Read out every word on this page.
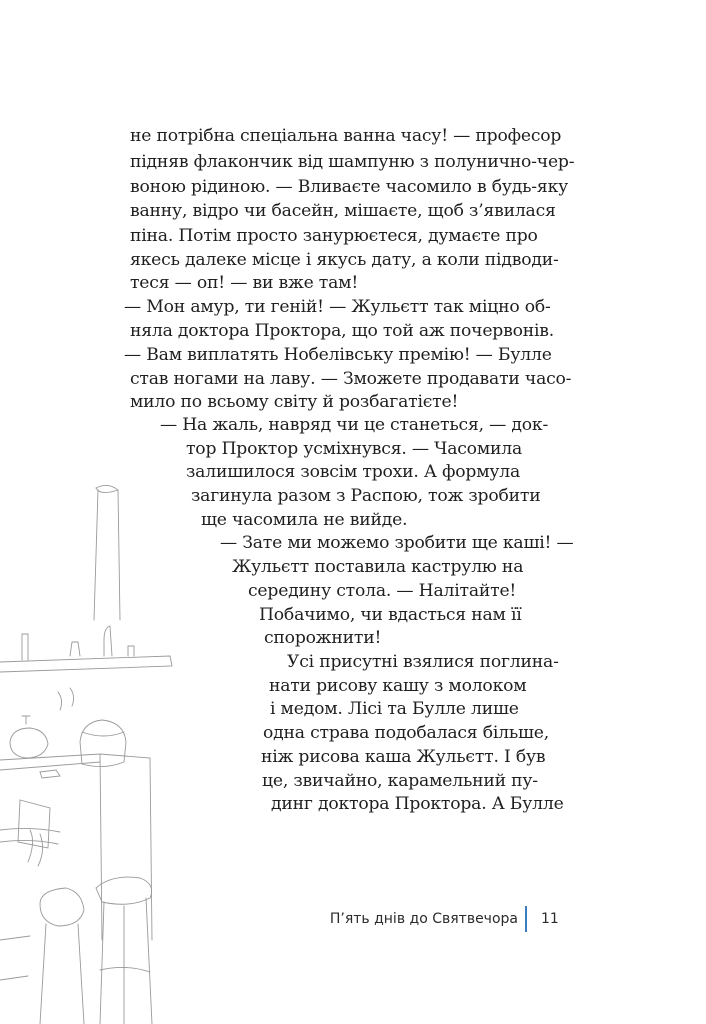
не потрібна спеціальна ванна часу! — професор
підняв флакончик від шампуню з полунично-чер-
воною рідиною. — Вливаєте часомило в будь-яку
ванну, відро чи басейн, мішаєте, щоб з’явилася
піна. Потім просто занурюєтеся, думаєте про
якесь далеке місце і якусь дату, а коли підводи-
теся — оп! — ви вже там!
— Мон амур, ти геній! — Жульєтт так міцно об-
няла доктора Проктора, що той аж почервонів.
— Вам виплатять Нобелівську премію! — Булле
став ногами на лаву. — Зможете продавати часо-
мило по всьому світу й розбагатієте!
— На жаль, навряд чи це станеться, — док-
тор Проктор усміхнувся. — Часомила
залишилося зовсім трохи. А формула
загинула разом з Распою, тож зробити
ще часомила не вийде.
— Зате ми можемо зробити ще каші! —
Жульєтт поставила каструлю на
середину стола. — Налітайте!
Побачимо, чи вдасться нам її
спорожнити!
Усі присутні взялися поглина-
нати рисову кашу з молоком
і медом. Лісі та Булле лише
одна страва подобалася більше,
ніж рисова каша Жульєтт. І був
це, звичайно, карамельний пу-
динг доктора Проктора. А Булле
П’ять днів до Святвечора 11
